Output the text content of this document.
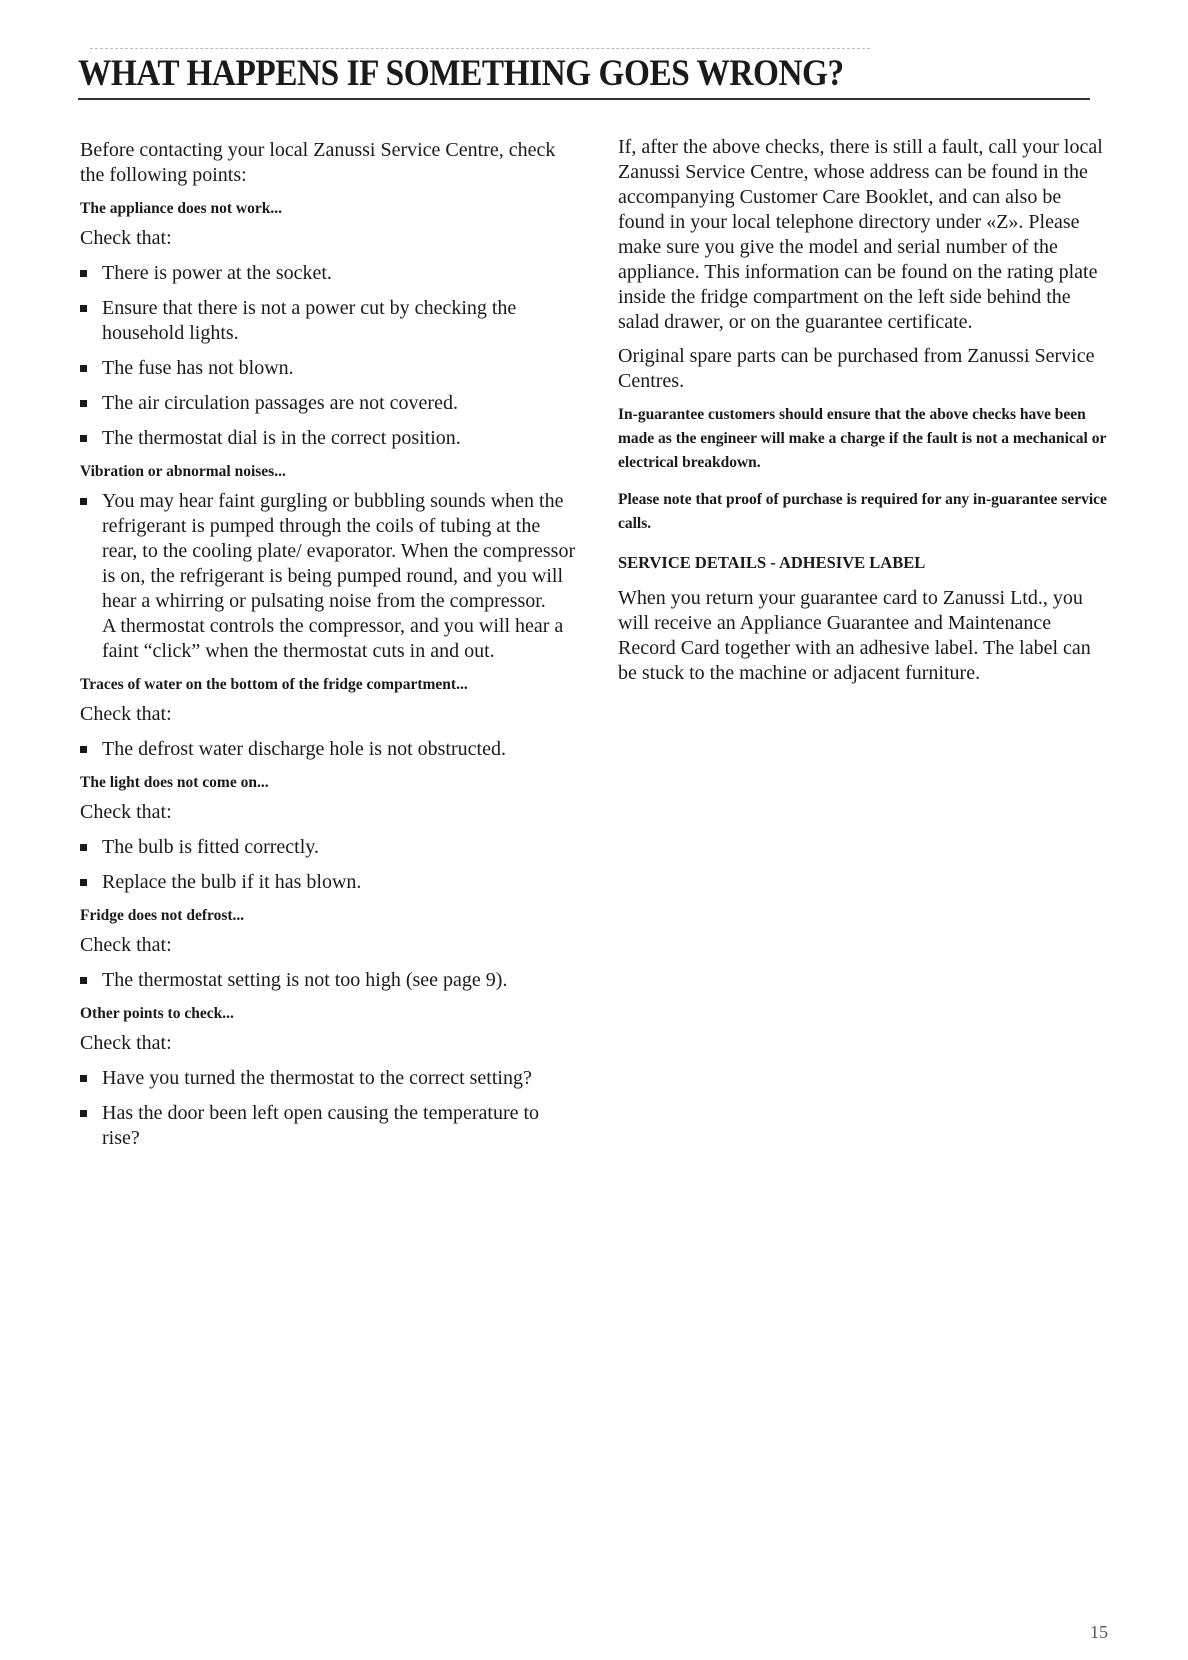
WHAT HAPPENS IF SOMETHING GOES WRONG?

Before contacting your local Zanussi Service Centre, check the following points:

The appliance does not work...
Check that:
There is power at the socket.
Ensure that there is not a power cut by checking the household lights.
The fuse has not blown.
The air circulation passages are not covered.
The thermostat dial is in the correct position.
Vibration or abnormal noises...
You may hear faint gurgling or bubbling sounds when the refrigerant is pumped through the coils of tubing at the rear, to the cooling plate/ evaporator. When the compressor is on, the refrigerant is being pumped round, and you will hear a whirring or pulsating noise from the compressor.
A thermostat controls the compressor, and you will hear a faint “click” when the thermostat cuts in and out.
Traces of water on the bottom of the fridge compartment...
Check that:
The defrost water discharge hole is not obstructed.
The light does not come on...
Check that:
The bulb is fitted correctly.
Replace the bulb if it has blown.
Fridge does not defrost...
Check that:
The thermostat setting is not too high (see page 9).
Other points to check...
Check that:
Have you turned the thermostat to the correct setting?
Has the door been left open causing the temperature to rise?

If, after the above checks, there is still a fault, call your local Zanussi Service Centre, whose address can be found in the accompanying Customer Care Booklet, and can also be found in your local telephone directory under «Z». Please make sure you give the model and serial number of the appliance. This information can be found on the rating plate inside the fridge compartment on the left side behind the salad drawer, or on the guarantee certificate.

Original spare parts can be purchased from Zanussi Service Centres.

In-guarantee customers should ensure that the above checks have been made as the engineer will make a charge if the fault is not a mechanical or electrical breakdown.

Please note that proof of purchase is required for any in-guarantee service calls.

SERVICE DETAILS - ADHESIVE LABEL

When you return your guarantee card to Zanussi Ltd., you will receive an Appliance Guarantee and Maintenance Record Card together with an adhesive label. The label can be stuck to the machine or adjacent furniture.

15
